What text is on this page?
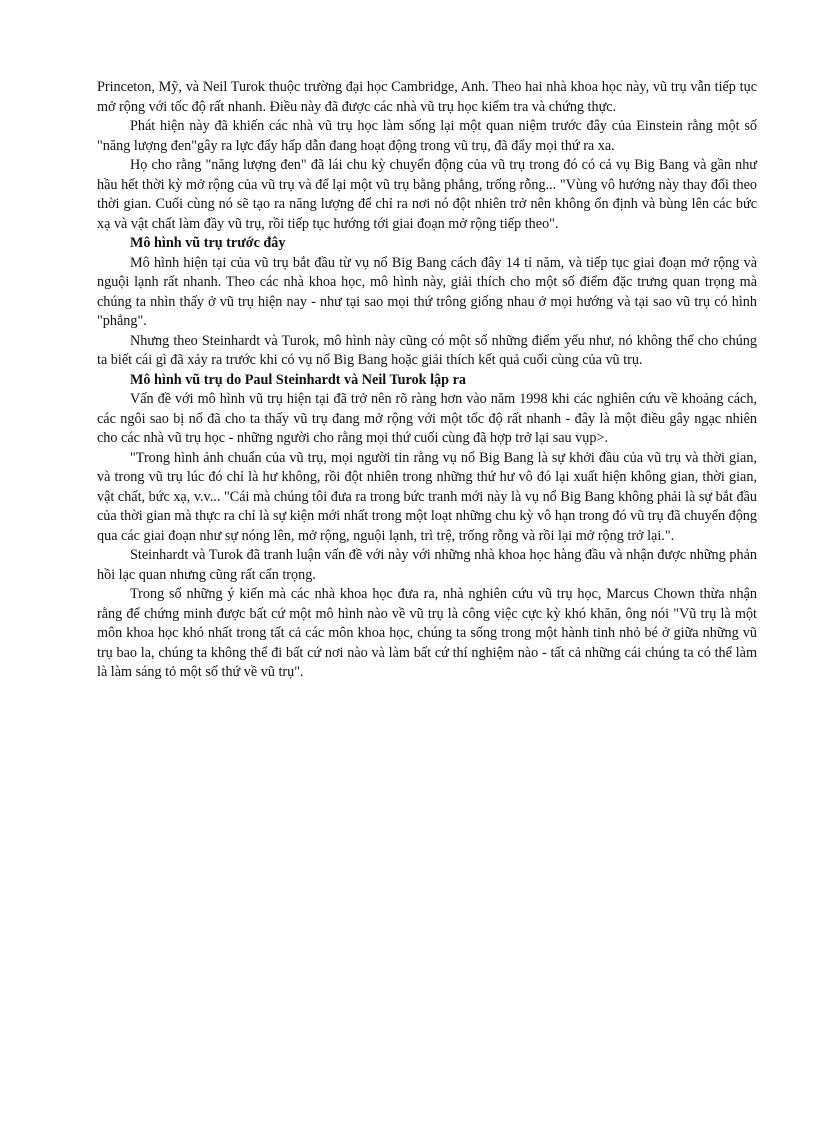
Princeton, Mỹ, và Neil Turok thuộc trường đại học Cambridge, Anh. Theo hai nhà khoa học này, vũ trụ vẫn tiếp tục mở rộng với tốc độ rất nhanh. Điều này đã được các nhà vũ trụ học kiểm tra và chứng thực.

Phát hiện này đã khiến các nhà vũ trụ học làm sống lại một quan niệm trước đây của Einstein rằng một số "năng lượng đen"gây ra lực đẩy hấp dẫn đang hoạt động trong vũ trụ, đã đẩy mọi thứ ra xa.

Họ cho rằng "năng lượng đen" đã lái chu kỳ chuyển động của vũ trụ trong đó có cả vụ Big Bang và gần như hầu hết thời kỳ mở rộng của vũ trụ và để lại một vũ trụ bằng phẳng, trống rỗng... "Vùng vô hướng này thay đổi theo thời gian. Cuối cùng nó sẽ tạo ra năng lượng để chỉ ra nơi nó đột nhiên trở nên không ổn định và bùng lên các bức xạ và vật chất làm đầy vũ trụ, rồi tiếp tục hướng tới giai đoạn mở rộng tiếp theo".

Mô hình vũ trụ trước đây

Mô hình hiện tại của vũ trụ bắt đầu từ vụ nổ Big Bang cách đây 14 tỉ năm, và tiếp tục giai đoạn mở rộng và nguội lạnh rất nhanh. Theo các nhà khoa học, mô hình này, giải thích cho một số điểm đặc trưng quan trọng mà chúng ta nhìn thấy ở vũ trụ hiện nay - như tại sao mọi thứ trông giống nhau ở mọi hướng và tại sao vũ trụ có hình "phẳng".

Nhưng theo Steinhardt và Turok, mô hình này cũng có một số những điểm yếu như, nó không thể cho chúng ta biết cái gì đã xảy ra trước khi có vụ nổ Big Bang hoặc giải thích kết quả cuối cùng của vũ trụ.

Mô hình vũ trụ do Paul Steinhardt và Neil Turok lập ra

Vấn đề với mô hình vũ trụ hiện tại đã trở nên rõ ràng hơn vào năm 1998 khi các nghiên cứu về khoảng cách, các ngôi sao bị nổ đã cho ta thấy vũ trụ đang mở rộng với một tốc độ rất nhanh - đây là một điều gây ngạc nhiên cho các nhà vũ trụ học - những người cho rằng mọi thứ cuối cùng đã hợp trở lại sau vụp>.

"Trong hình ảnh chuẩn của vũ trụ, mọi người tin rằng vụ nổ Big Bang là sự khởi đầu của vũ trụ và thời gian, và trong vũ trụ lúc đó chỉ là hư không, rồi đột nhiên trong những thứ hư vô đó lại xuất hiện không gian, thời gian, vật chất, bức xạ, v.v... "Cái mà chúng tôi đưa ra trong bức tranh mới này là vụ nổ Big Bang không phải là sự bắt đầu của thời gian mà thực ra chỉ là sự kiện mới nhất trong một loạt những chu kỳ vô hạn trong đó vũ trụ đã chuyển động qua các giai đoạn như sự nóng lên, mở rộng, nguội lạnh, trì trệ, trống rỗng và rồi lại mở rộng trở lại.".

Steinhardt và Turok đã tranh luận vấn đề với này với những nhà khoa học hàng đầu và nhận được những phản hồi lạc quan nhưng cũng rất cẩn trọng.

Trong số những ý kiến mà các nhà khoa học đưa ra, nhà nghiên cứu vũ trụ học, Marcus Chown thừa nhận rằng để chứng minh được bất cứ một mô hình nào về vũ trụ là công việc cực kỳ khó khăn, ông nói "Vũ trụ là một môn khoa học khó nhất trong tất cả các môn khoa học, chúng ta sống trong một hành tinh nhỏ bé ở giữa những vũ trụ bao la, chúng ta không thể đi bất cứ nơi nào và làm bất cứ thí nghiệm nào - tất cả những cái chúng ta có thể làm là làm sáng tỏ một số thứ về vũ trụ".
